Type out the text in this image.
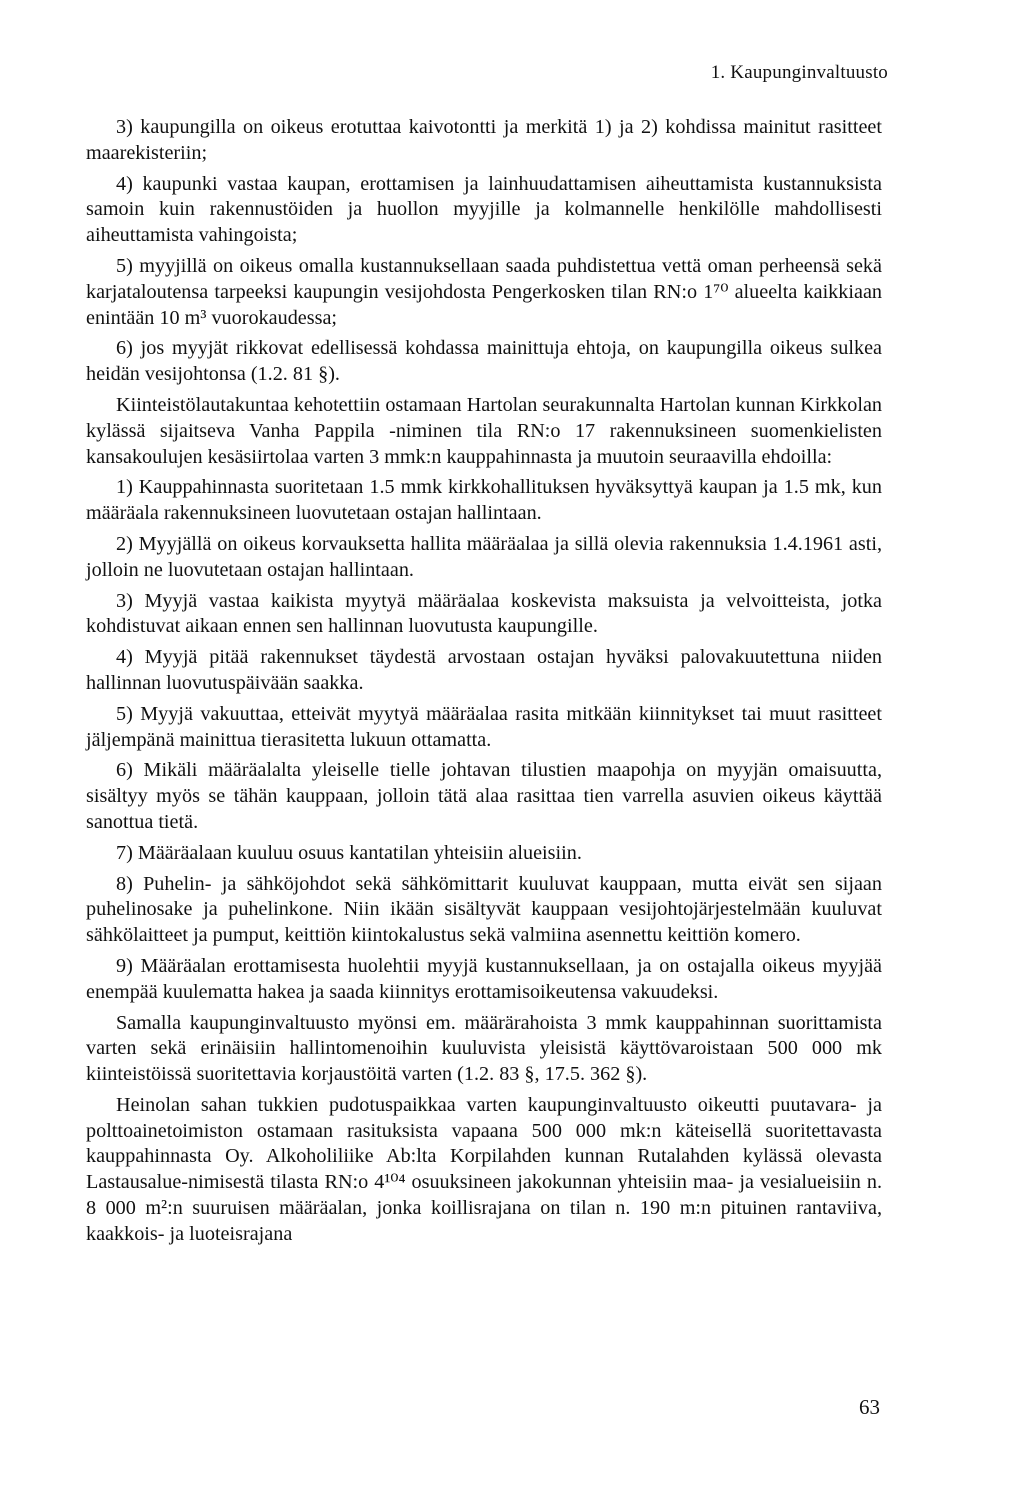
1. Kaupunginvaltuusto

3) kaupungilla on oikeus erotuttaa kaivotontti ja merkitä 1) ja 2) kohdissa mainitut rasitteet maarekisteriin;

4) kaupunki vastaa kaupan, erottamisen ja lainhuudattamisen aiheuttamista kustannuksista samoin kuin rakennustöiden ja huollon myyjille ja kolmannelle henkilölle mahdollisesti aiheuttamista vahingoista;

5) myyjillä on oikeus omalla kustannuksellaan saada puhdistettua vettä oman perheensä sekä karjataloutensa tarpeeksi kaupungin vesijohdosta Pengerkosken tilan RN:o 1⁷⁰ alueelta kaikkiaan enintään 10 m³ vuorokaudessa;

6) jos myyjät rikkovat edellisessä kohdassa mainittuja ehtoja, on kaupungilla oikeus sulkea heidän vesijohtonsa (1.2. 81 §).

Kiinteistölautakuntaa kehotettiin ostamaan Hartolan seurakunnalta Hartolan kunnan Kirkkolan kylässä sijaitseva Vanha Pappila -niminen tila RN:o 17 rakennuksineen suomenkielisten kansakoulujen kesäsiirtolaa varten 3 mmk:n kauppahinnasta ja muutoin seuraavilla ehdoilla:

1) Kauppahinnasta suoritetaan 1.5 mmk kirkkohallituksen hyväksyttyä kaupan ja 1.5 mk, kun määräala rakennuksineen luovutetaan ostajan hallintaan.

2) Myyjällä on oikeus korvauksetta hallita määräalaa ja sillä olevia rakennuksia 1.4.1961 asti, jolloin ne luovutetaan ostajan hallintaan.

3) Myyjä vastaa kaikista myytyä määräalaa koskevista maksuista ja velvoitteista, jotka kohdistuvat aikaan ennen sen hallinnan luovutusta kaupungille.

4) Myyjä pitää rakennukset täydestä arvostaan ostajan hyväksi palovakuutettuna niiden hallinnan luovutuspäivään saakka.

5) Myyjä vakuuttaa, etteivät myytyä määräalaa rasita mitkään kiinnitykset tai muut rasitteet jäljempänä mainittua tierasitetta lukuun ottamatta.

6) Mikäli määräalalta yleiselle tielle johtavan tilustien maapohja on myyjän omaisuutta, sisältyy myös se tähän kauppaan, jolloin tätä alaa rasittaa tien varrella asuvien oikeus käyttää sanottua tietä.

7) Määräalaan kuuluu osuus kantatilan yhteisiin alueisiin.

8) Puhelin- ja sähköjohdot sekä sähkömittarit kuuluvat kauppaan, mutta eivät sen sijaan puhelinosake ja puhelinkone. Niin ikään sisältyvät kauppaan vesijohtojärjestelmään kuuluvat sähkölaitteet ja pumput, keittiön kiintokalustus sekä valmiina asennettu keittiön komero.

9) Määräalan erottamisesta huolehtii myyjä kustannuksellaan, ja on ostajalla oikeus myyjää enempää kuulematta hakea ja saada kiinnitys erottamisoikeutensa vakuudeksi.

Samalla kaupunginvaltuusto myönsi em. määrärahoista 3 mmk kauppahinnan suorittamista varten sekä erinäisiin hallintomenoihin kuuluvista yleisistä käyttövaroistaan 500 000 mk kiinteistöissä suoritettavia korjaustöitä varten (1.2. 83 §, 17.5. 362 §).

Heinolan sahan tukkien pudotuspaikkaa varten kaupunginvaltuusto oikeutti puutavara- ja polttoainetoimiston ostamaan rasituksista vapaana 500 000 mk:n käteisellä suoritettavasta kauppahinnasta Oy. Alkoholiliike Ab:lta Korpilahden kunnan Rutalahden kylässä olevasta Lastausalue-nimisestä tilasta RN:o 4¹⁰⁴ osuuksineen jakokunnan yhteisiin maa- ja vesialueisiin n. 8 000 m²:n suuruisen määräalan, jonka koillisrajana on tilan n. 190 m:n pituinen rantaviiva, kaakkois- ja luoteisrajana

63
